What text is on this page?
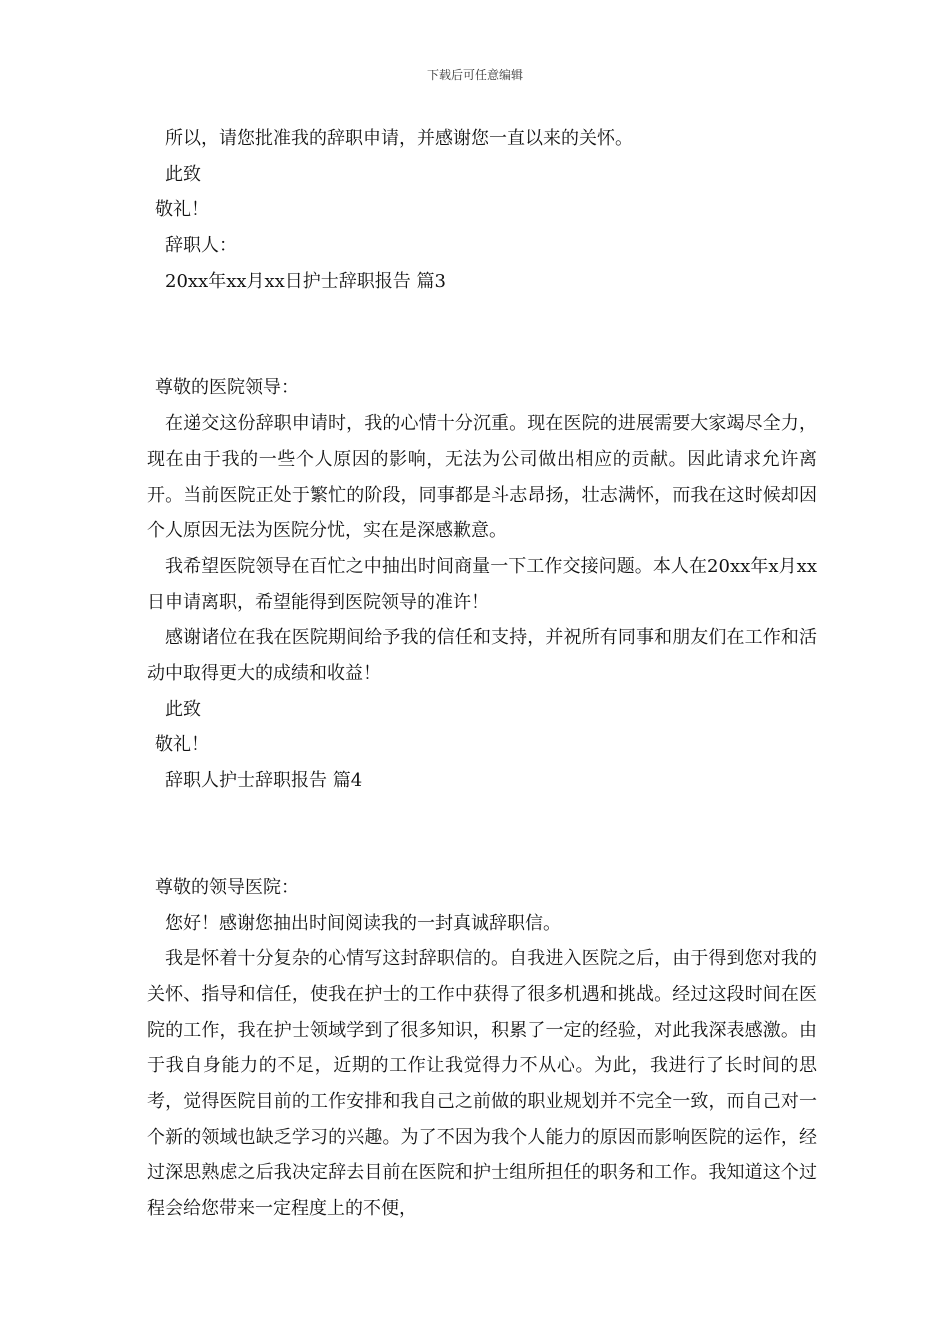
下载后可任意编辑
所以，请您批准我的辞职申请，并感谢您一直以来的关怀。
此致
敬礼！
辞职人：
20xx年xx月xx日护士辞职报告 篇3
尊敬的医院领导：

在递交这份辞职申请时，我的心情十分沉重。现在医院的进展需要大家竭尽全力，现在由于我的一些个人原因的影响，无法为公司做出相应的贡献。因此请求允许离开。当前医院正处于繁忙的阶段，同事都是斗志昂扬，壮志满怀，而我在这时候却因个人原因无法为医院分忧，实在是深感歉意。

我希望医院领导在百忙之中抽出时间商量一下工作交接问题。本人在20xx年x月xx日申请离职，希望能得到医院领导的准许！

感谢诸位在我在医院期间给予我的信任和支持，并祝所有同事和朋友们在工作和活动中取得更大的成绩和收益！

此致
敬礼！
辞职人护士辞职报告 篇4
尊敬的领导医院：

您好！感谢您抽出时间阅读我的一封真诚辞职信。

我是怀着十分复杂的心情写这封辞职信的。自我进入医院之后，由于得到您对我的关怀、指导和信任，使我在护士的工作中获得了很多机遇和挑战。经过这段时间在医院的工作，我在护士领域学到了很多知识，积累了一定的经验，对此我深表感激。由于我自身能力的不足，近期的工作让我觉得力不从心。为此，我进行了长时间的思考，觉得医院目前的工作安排和我自己之前做的职业规划并不完全一致，而自己对一个新的领域也缺乏学习的兴趣。为了不因为我个人能力的原因而影响医院的运作，经过深思熟虑之后我决定辞去目前在医院和护士组所担任的职务和工作。我知道这个过程会给您带来一定程度上的不便，
